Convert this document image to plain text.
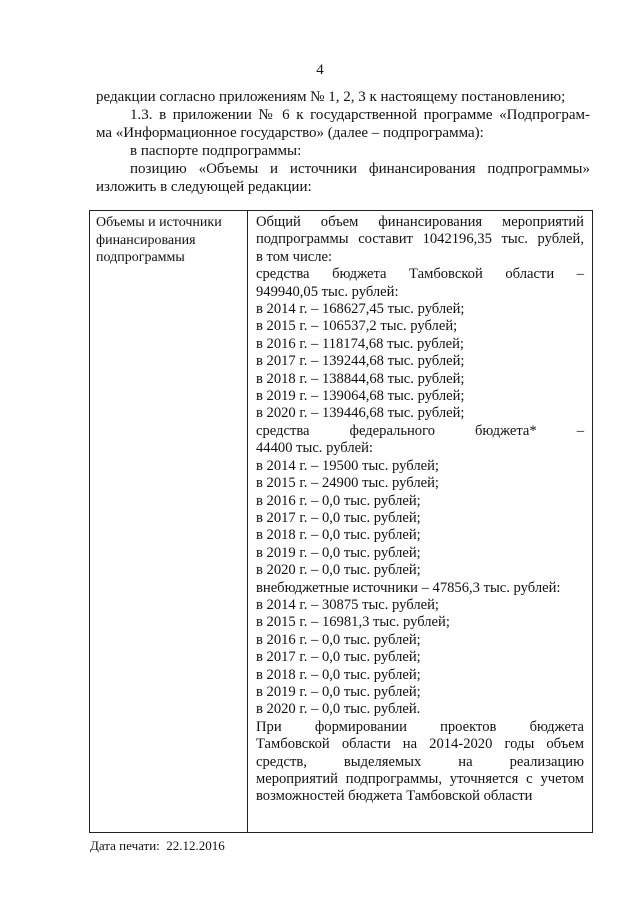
4

редакции согласно приложениям № 1, 2, 3 к настоящему постановлению;

1.3. в приложении № 6 к государственной программе «Подпрограм-

ма «Информационное государство» (далее – подпрограмма):

в паспорте подпрограммы:

позицию «Объемы и источники финансирования подпрограммы»

изложить в следующей редакции:

Объемы и источники финансирования подпрограммы
Общий объем финансирования мероприятий
подпрограммы составит 1042196,35 тыс. рублей,
в том числе:
средства бюджета Тамбовской области –
949940,05 тыс. рублей:
в 2014 г. – 168627,45 тыс. рублей;
в 2015 г. – 106537,2 тыс. рублей;
в 2016 г. – 118174,68 тыс. рублей;
в 2017 г. – 139244,68 тыс. рублей;
в 2018 г. – 138844,68 тыс. рублей;
в 2019 г. – 139064,68 тыс. рублей;
в 2020 г. – 139446,68 тыс. рублей;
средства федерального бюджета* –
44400 тыс. рублей:
в 2014 г. – 19500 тыс. рублей;
в 2015 г. – 24900 тыс. рублей;
в 2016 г. – 0,0 тыс. рублей;
в 2017 г. – 0,0 тыс. рублей;
в 2018 г. – 0,0 тыс. рублей;
в 2019 г. – 0,0 тыс. рублей;
в 2020 г. – 0,0 тыс. рублей;
внебюджетные источники – 47856,3 тыс. рублей:
в 2014 г. – 30875 тыс. рублей;
в 2015 г. – 16981,3 тыс. рублей;
в 2016 г. – 0,0 тыс. рублей;
в 2017 г. – 0,0 тыс. рублей;
в 2018 г. – 0,0 тыс. рублей;
в 2019 г. – 0,0 тыс. рублей;
в 2020 г. – 0,0 тыс. рублей.
При формировании проектов бюджета
Тамбовской области на 2014-2020 годы объем
средств, выделяемых на реализацию
мероприятий подпрограммы, уточняется с учетом
возможностей бюджета Тамбовской области
Дата печати: 22.12.2016
